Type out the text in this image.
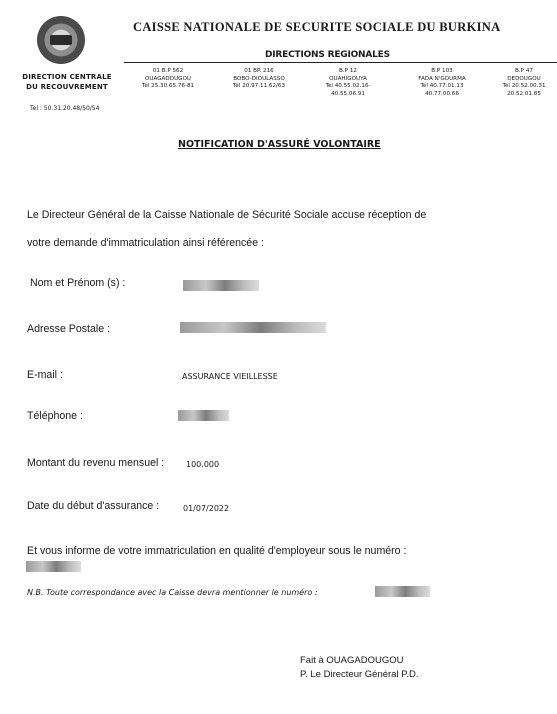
DIRECTION CENTRALE
DU RECOUVREMENT
Tel : 50.31.20.48/50/54
CAISSE NATIONALE DE SECURITE SOCIALE DU BURKINA
DIRECTIONS REGIONALES
01 B.P 562
OUAGADOUGOU
Tél 25.30.65.76-81
01 BP. 216
BOBO-DIOULASSO
Tél 20.97.11.62/63
B.P 12
OUAHIGOUYA
Tél 40.55.02.16-
40.55.06.91
B.P 103
FADA N'GOURMA
Tél 40.77.01.13
40.77.00.66
B.P 47
DEDOUGOU
Tél 20.52.00.31
20.52.01.85
NOTIFICATION D'ASSURÉ VOLONTAIRE
Le Directeur Général de la Caisse Nationale de Sécurité Sociale accuse réception de
votre demande d'immatriculation ainsi référencée :
Nom et Prénom (s) :
Adresse Postale :
E-mail :	ASSURANCE VIEILLESSE
Téléphone :
Montant du revenu mensuel :	100.000
Date du début d'assurance :	01/07/2022
Et vous informe de votre immatriculation en qualité d'employeur sous le numéro :
N.B. Toute correspondance avec la Caisse devra mentionner le numéro :
Fait à OUAGADOUGOU
P. Le Directeur Général P.D.
